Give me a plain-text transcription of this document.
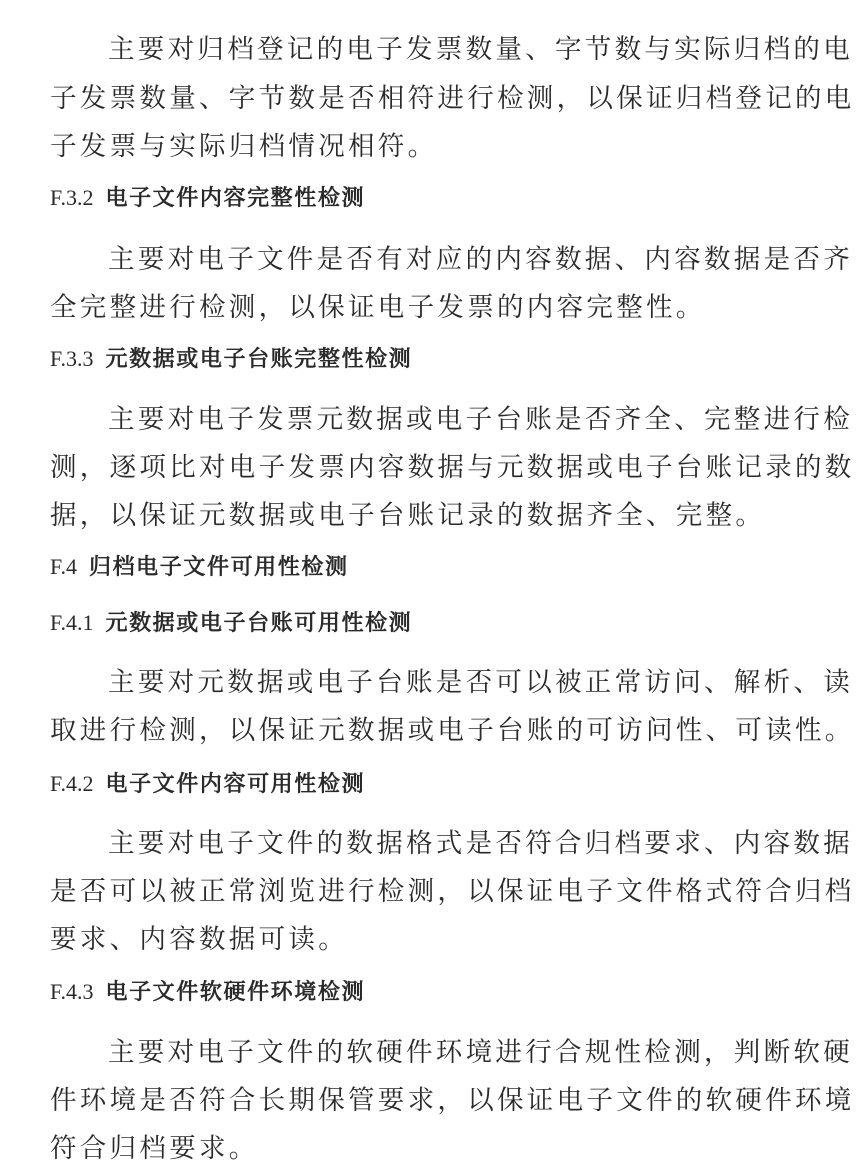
主要对归档登记的电子发票数量、字节数与实际归档的电
子发票数量、字节数是否相符进行检测，以保证归档登记的电
子发票与实际归档情况相符。
F.3.2 电子文件内容完整性检测
主要对电子文件是否有对应的内容数据、内容数据是否齐
全完整进行检测，以保证电子发票的内容完整性。
F.3.3 元数据或电子台账完整性检测
主要对电子发票元数据或电子台账是否齐全、完整进行检
测，逐项比对电子发票内容数据与元数据或电子台账记录的数
据，以保证元数据或电子台账记录的数据齐全、完整。
F.4 归档电子文件可用性检测
F.4.1 元数据或电子台账可用性检测
主要对元数据或电子台账是否可以被正常访问、解析、读
取进行检测，以保证元数据或电子台账的可访问性、可读性。
F.4.2 电子文件内容可用性检测
主要对电子文件的数据格式是否符合归档要求、内容数据
是否可以被正常浏览进行检测，以保证电子文件格式符合归档
要求、内容数据可读。
F.4.3 电子文件软硬件环境检测
主要对电子文件的软硬件环境进行合规性检测，判断软硬
件环境是否符合长期保管要求，以保证电子文件的软硬件环境
符合归档要求。
